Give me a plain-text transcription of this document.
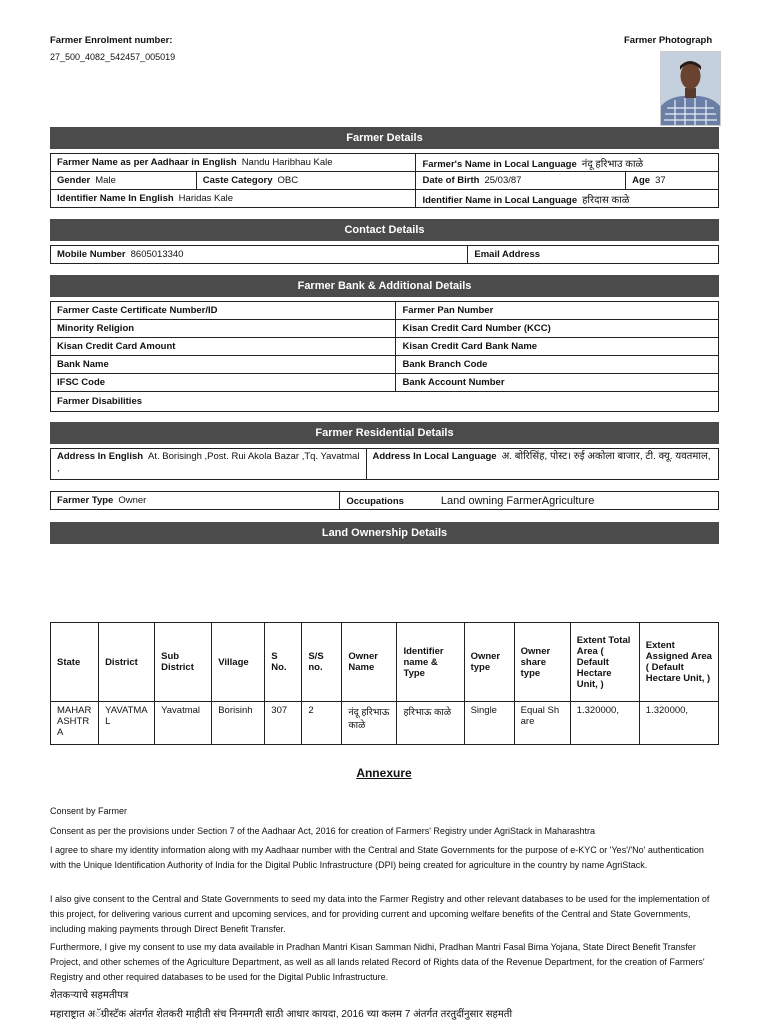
Farmer Enrolment number:
27_500_4082_542457_005019
Farmer Photograph
Farmer Details
Farmer Name as per Aadhaar in English Nandu Haribhau Kale		Farmer's Name in Local Language नंदू हरिभाउ काळे	
Gender Male	Caste Category OBC	Date of Birth 25/03/87	Age 37
Identifier Name In English Haridas Kale		Identifier Name in Local Language हरिदास काळे	
Contact Details
Mobile Number 8605013340	Email Address
Farmer Bank & Additional Details
Farmer Caste Certificate Number/ID	Farmer Pan Number
Minority Religion	Kisan Credit Card Number (KCC)
Kisan Credit Card Amount	Kisan Credit Card Bank Name
Bank Name	Bank Branch Code
IFSC Code	Bank Account Number
Farmer Disabilities	
Farmer Residential Details
Address In English At. Borisingh ,Post. Rui Akola Bazar ,Tq. Yavatmal ,	Address In Local Language अ. बोरिसिंह, पोस्ट। रुई अकोला बाजार, टी. क्यू. यवतमाल,
Farmer Type Owner	Occupations	Land owning FarmerAgriculture
Land Ownership Details
State	District	Sub District	Village	S No.	S/S no.	Owner Name	Identifier name & Type	Owner type	Owner share type	Extent Total Area ( Default Hectare Unit, )	Extent Assigned Area ( Default Hectare Unit, )
MAHARASHTRA	YAVATMAL	Yavatmal	Borisinh	307	2	नंदू हरिभाऊ काळे	हरिभाऊ काळे	Single	Equal Share	1.320000,	1.320000,
Annexure
Consent by Farmer
Consent as per the provisions under Section 7 of the Aadhaar Act, 2016 for creation of Farmers' Registry under AgriStack in Maharashtra
I agree to share my identity information along with my Aadhaar number with the Central and State Governments for the purpose of e-KYC or 'Yes'/'No' authentication with the Unique Identification Authority of India for the Digital Public Infrastructure (DPI) being created for agriculture in the country by name AgriStack.
I also give consent to the Central and State Governments to seed my data into the Farmer Registry and other relevant databases to be used for the implementation of this project, for delivering various current and upcoming services, and for providing current and upcoming welfare benefits of the Central and State Governments, including making payments through Direct Benefit Transfer.
Furthermore, I give my consent to use my data available in Pradhan Mantri Kisan Samman Nidhi, Pradhan Mantri Fasal Bima Yojana, State Direct Benefit Transfer Project, and other schemes of the Agriculture Department, as well as all lands related Record of Rights data of the Revenue Department, for the creation of Farmers' Registry and other required databases to be used for the Digital Public Infrastructure.
शेतकऱ्याचे सहमतीपत्र
महाराष्ट्रात अॅग्रीस्टॅक अंतर्गत शेतकरी माहीती संच निनमगती साठी आधार कायदा, 2016 च्या कलम 7 अंतर्गत तरतुदींनुसार सहमती
